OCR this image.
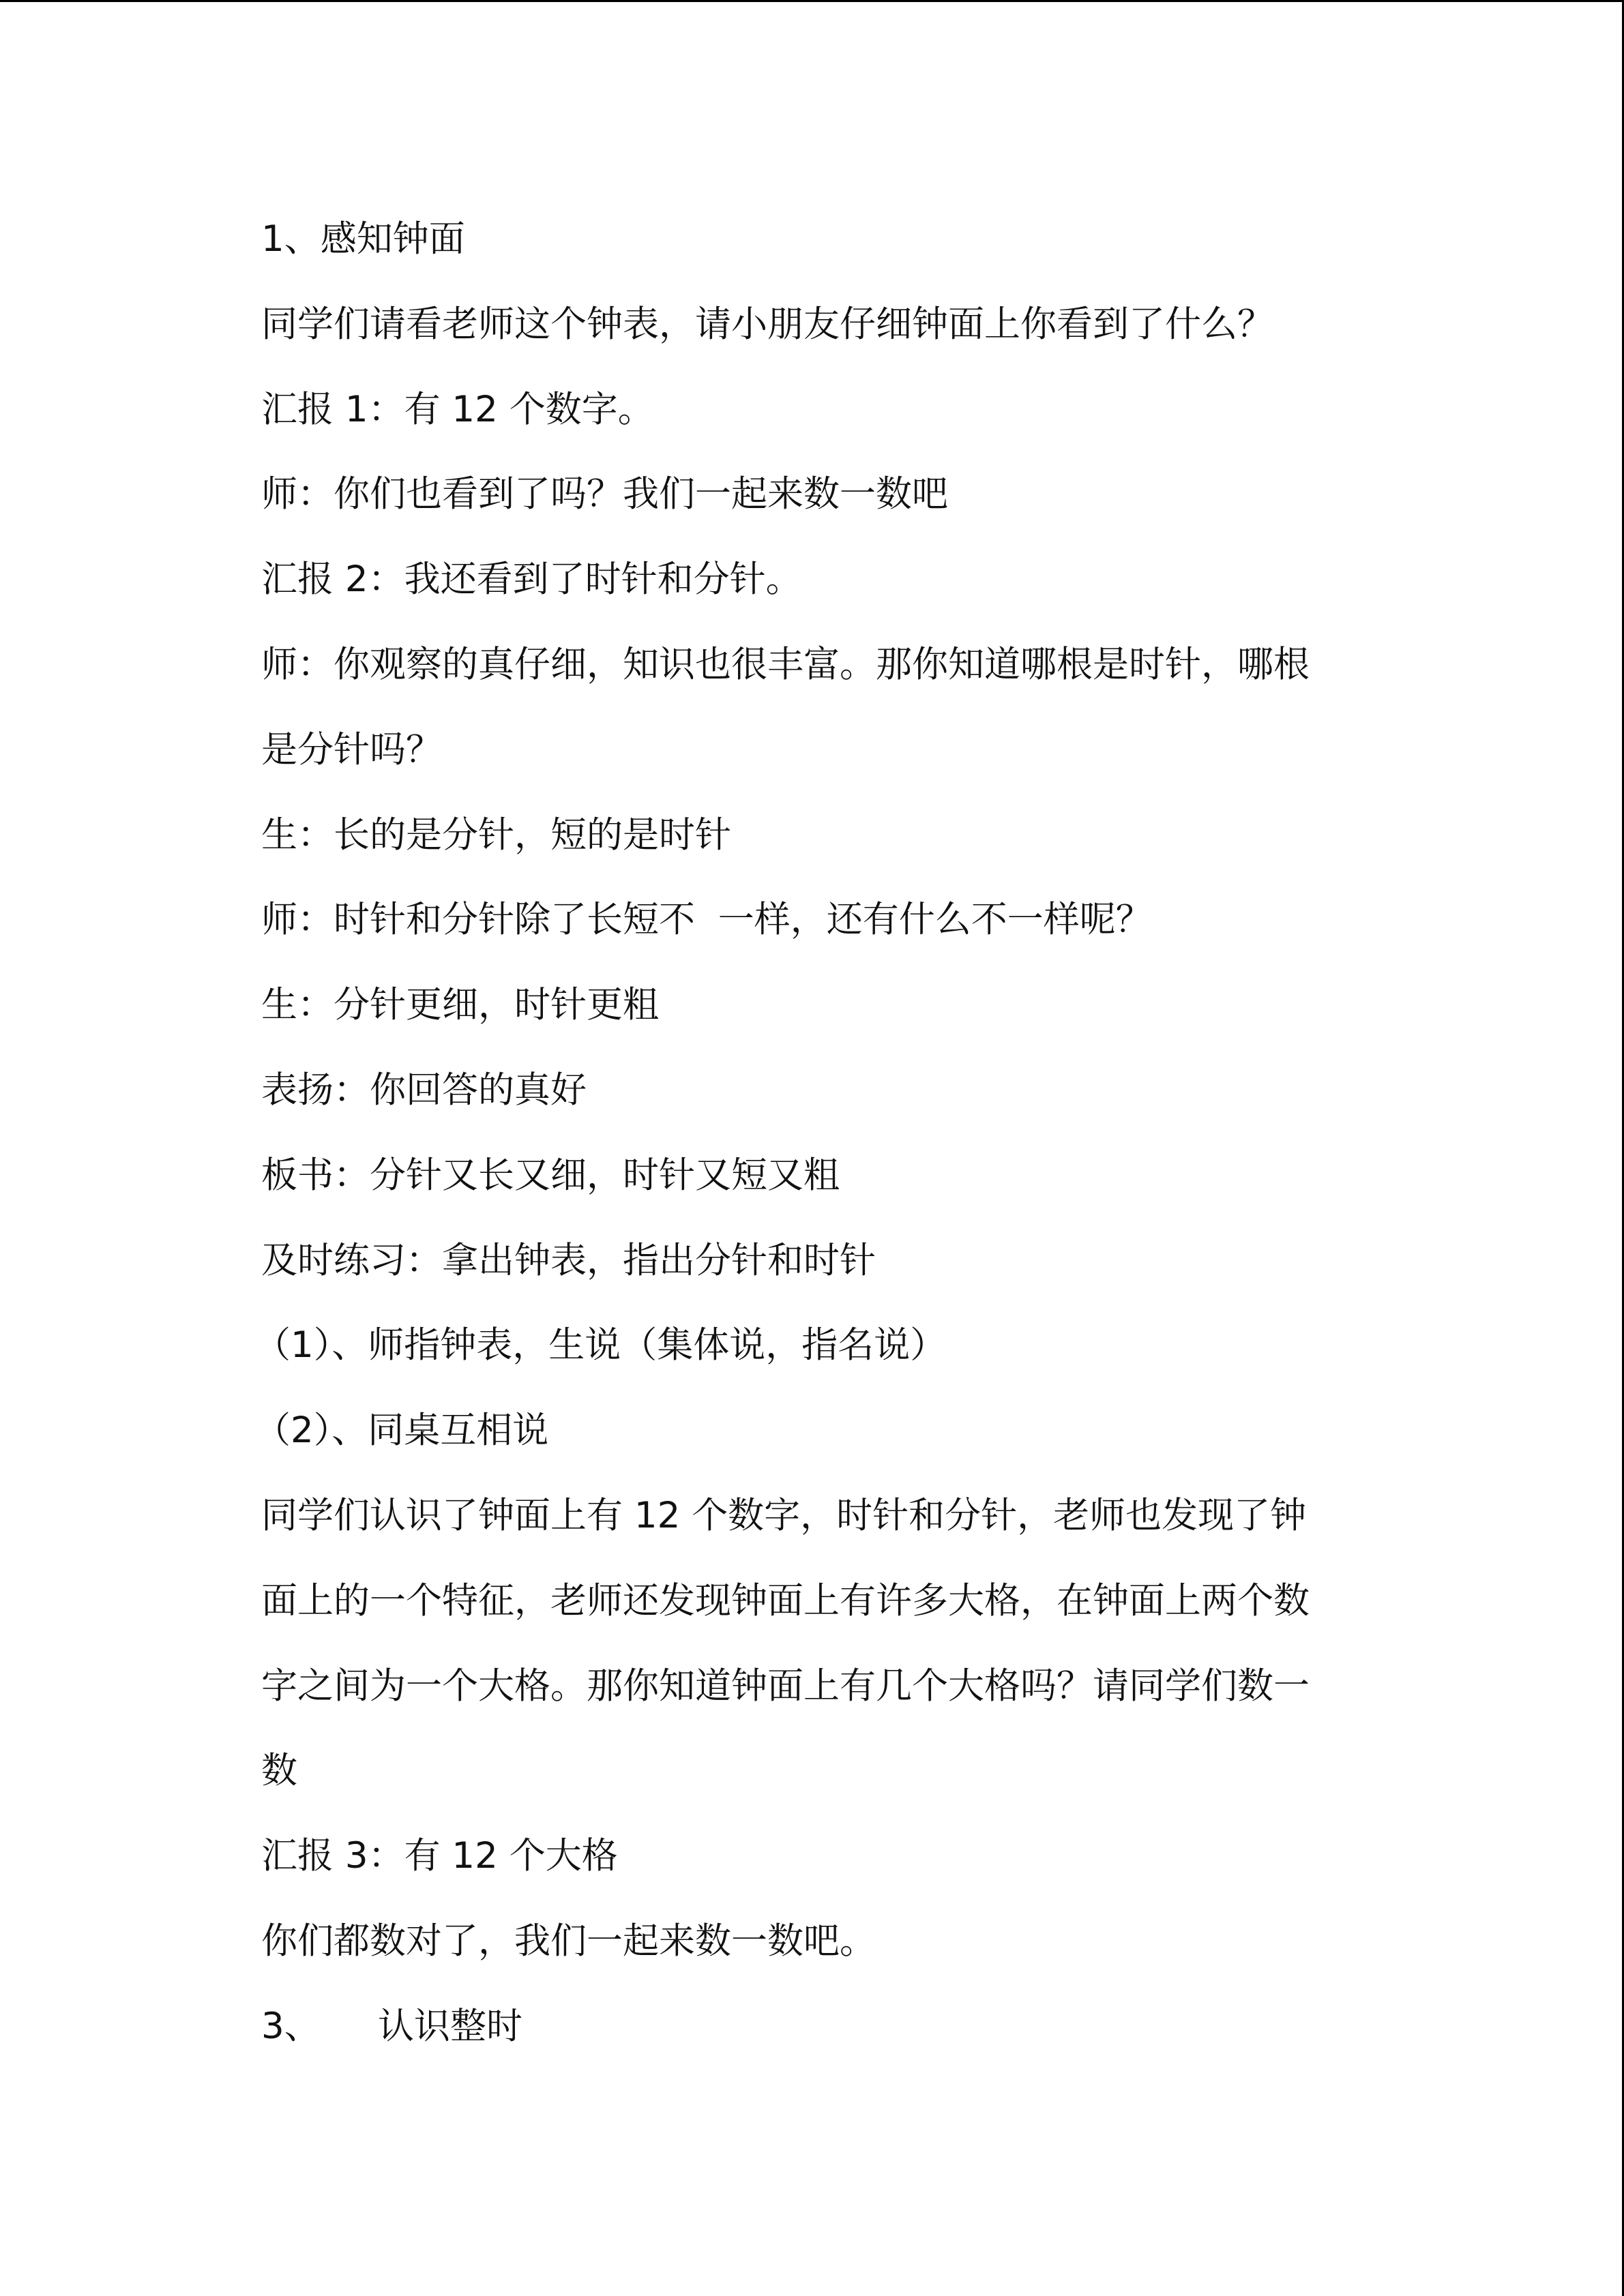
1、感知钟面
同学们请看老师这个钟表，请小朋友仔细钟面上你看到了什么？
汇报 1：有 12 个数字。
师：你们也看到了吗？我们一起来数一数吧
汇报 2：我还看到了时针和分针。
师：你观察的真仔细，知识也很丰富。那你知道哪根是时针，哪根
是分针吗？
生：长的是分针，短的是时针
师：时针和分针除了长短不  一样，还有什么不一样呢？
生：分针更细，时针更粗
表扬：你回答的真好
板书：分针又长又细，时针又短又粗
及时练习：拿出钟表，指出分针和时针
（1）、师指钟表，生说（集体说，指名说）
（2）、同桌互相说
同学们认识了钟面上有 12 个数字，时针和分针，老师也发现了钟
面上的一个特征，老师还发现钟面上有许多大格，在钟面上两个数
字之间为一个大格。那你知道钟面上有几个大格吗？请同学们数一
数
汇报 3：有 12 个大格
你们都数对了，我们一起来数一数吧。
3、     认识整时
